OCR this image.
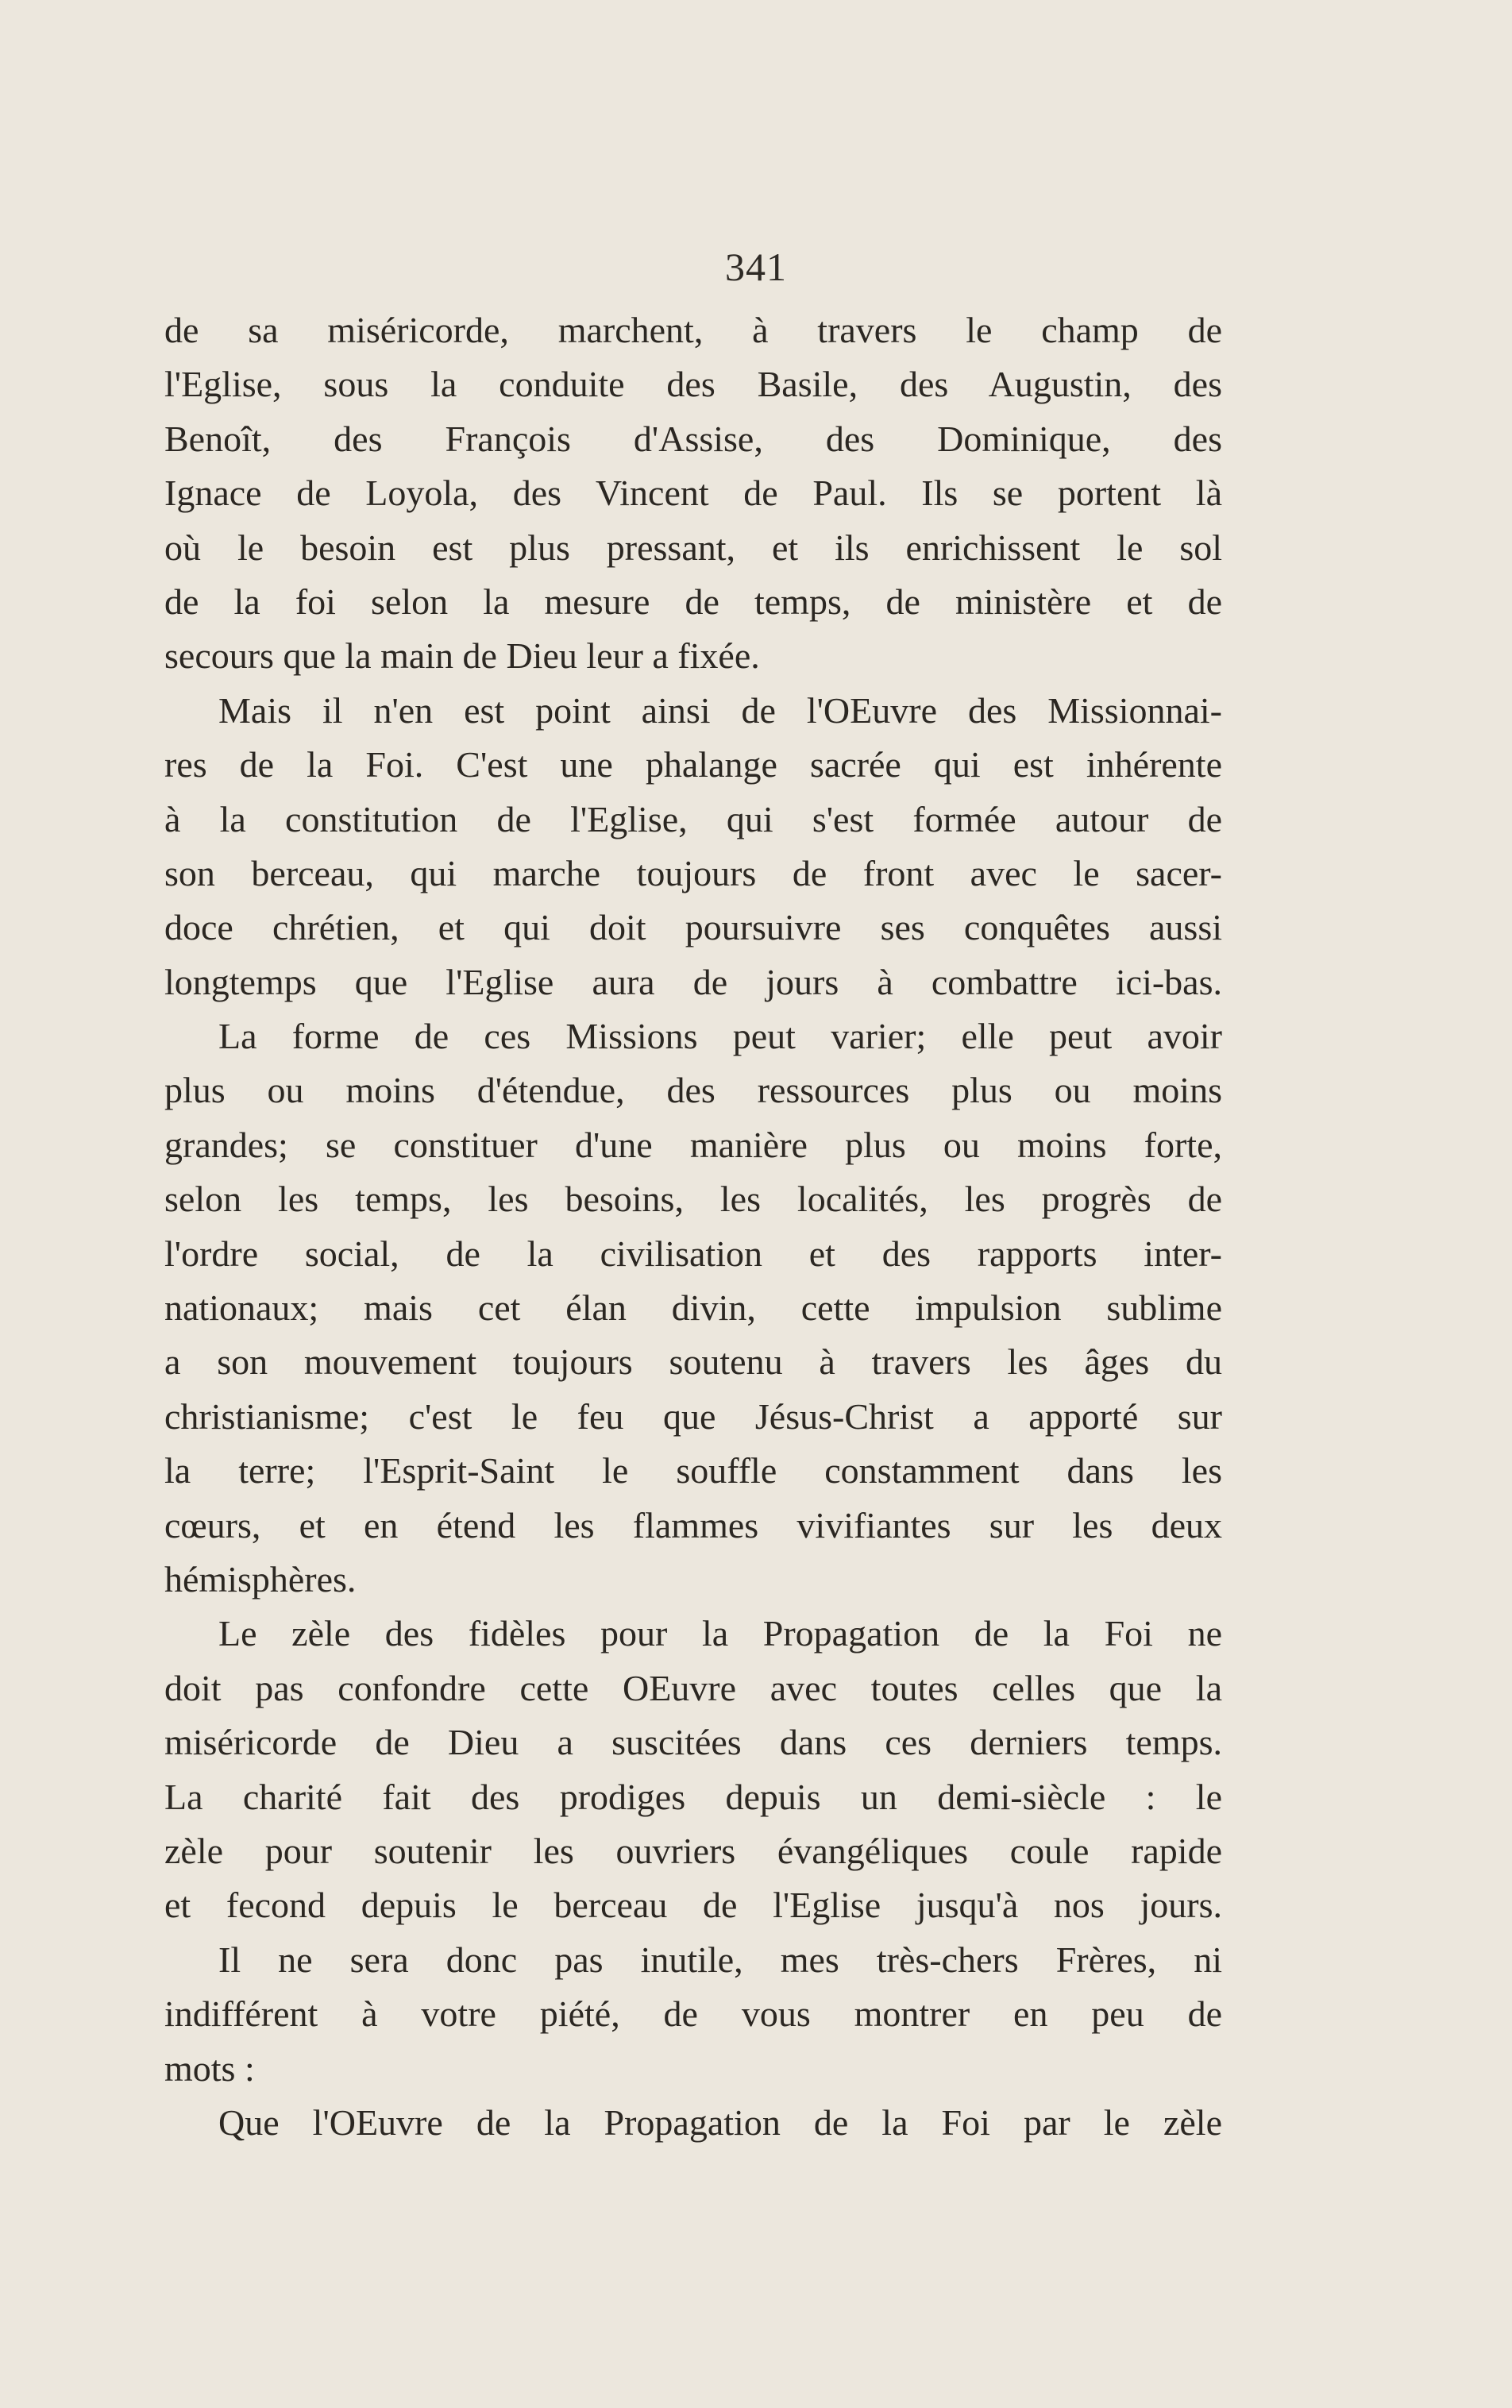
341
de sa miséricorde, marchent, à travers le champ de
l'Eglise, sous la conduite des Basile, des Augustin, des
Benoît, des François d'Assise, des Dominique, des
Ignace de Loyola, des Vincent de Paul. Ils se portent là
où le besoin est plus pressant, et ils enrichissent le sol
de la foi selon la mesure de temps, de ministère et de
secours que la main de Dieu leur a fixée.
Mais il n'en est point ainsi de l'OEuvre des Missionnai-
res de la Foi. C'est une phalange sacrée qui est inhérente
à la constitution de l'Eglise, qui s'est formée autour de
son berceau, qui marche toujours de front avec le sacer-
doce chrétien, et qui doit poursuivre ses conquêtes aussi
longtemps que l'Eglise aura de jours à combattre ici-bas.
La forme de ces Missions peut varier; elle peut avoir
plus ou moins d'étendue, des ressources plus ou moins
grandes; se constituer d'une manière plus ou moins forte,
selon les temps, les besoins, les localités, les progrès de
l'ordre social, de la civilisation et des rapports inter-
nationaux; mais cet élan divin, cette impulsion sublime
a son mouvement toujours soutenu à travers les âges du
christianisme; c'est le feu que Jésus-Christ a apporté sur
la terre; l'Esprit-Saint le souffle constamment dans les
cœurs, et en étend les flammes vivifiantes sur les deux
hémisphères.
Le zèle des fidèles pour la Propagation de la Foi ne
doit pas confondre cette OEuvre avec toutes celles que la
miséricorde de Dieu a suscitées dans ces derniers temps.
La charité fait des prodiges depuis un demi-siècle : le
zèle pour soutenir les ouvriers évangéliques coule rapide
et fecond depuis le berceau de l'Eglise jusqu'à nos jours.
Il ne sera donc pas inutile, mes très-chers Frères, ni
indifférent à votre piété, de vous montrer en peu de
mots :
Que l'OEuvre de la Propagation de la Foi par le zèle
